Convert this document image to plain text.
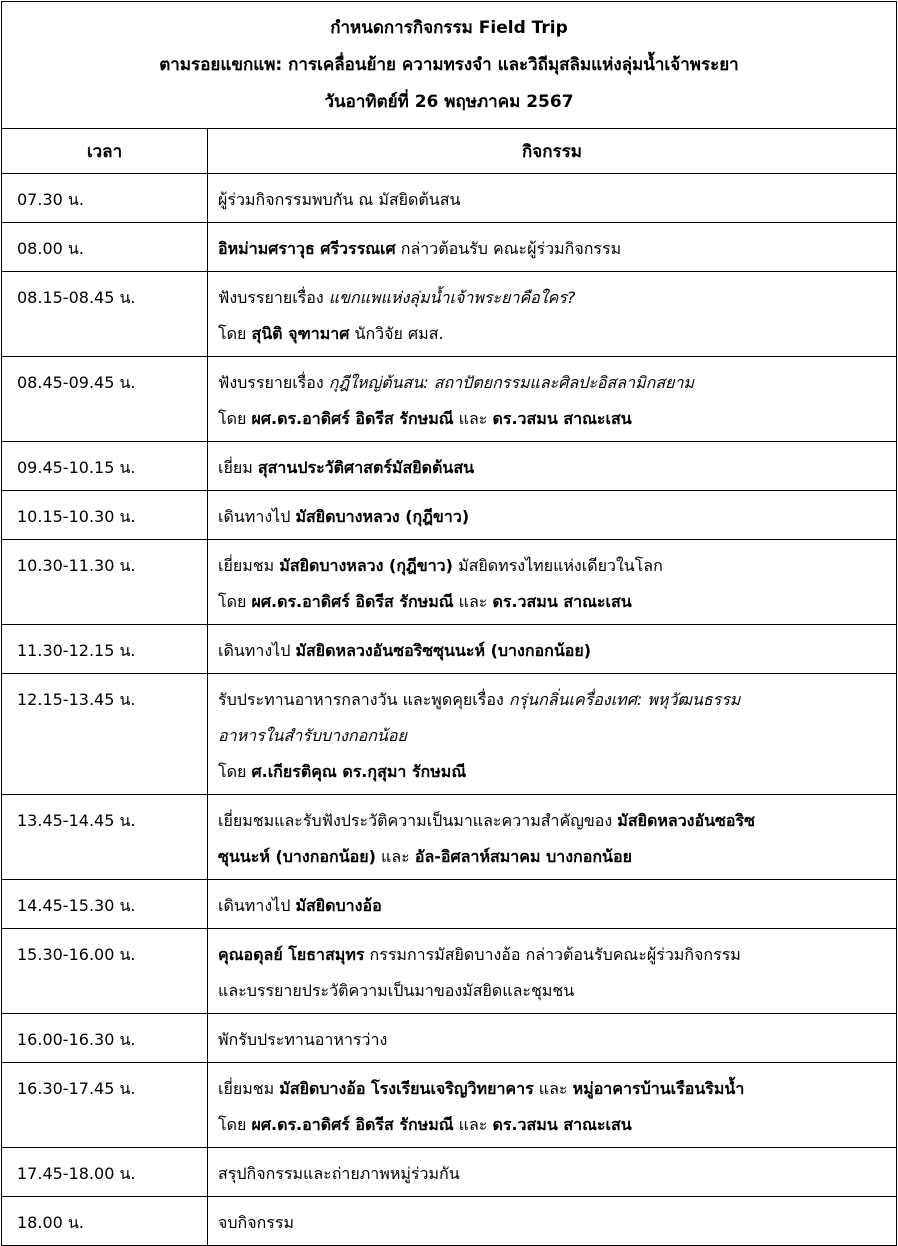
กำหนดการกิจกรรม Field Trip
ตามรอยแขกแพ: การเคลื่อนย้าย ความทรงจำ และวิถีมุสลิมแห่งลุ่มน้ำเจ้าพระยา
วันอาทิตย์ที่ 26 พฤษภาคม 2567	

เวลา	กิจกรรม

07.30 น.	ผู้ร่วมกิจกรรมพบกัน ณ มัสยิดต้นสน

08.00 น.	อิหม่ามศราวุธ ศรีวรรณเศ กล่าวต้อนรับ คณะผู้ร่วมกิจกรรม

08.15-08.45 น.	ฟังบรรยายเรื่อง แขกแพแห่งลุ่มน้ำเจ้าพระยาคือใคร?
โดย สุนิติ จุฑามาศ นักวิจัย ศมส.

08.45-09.45 น.	ฟังบรรยายเรื่อง กุฎีใหญ่ต้นสน: สถาปัตยกรรมและศิลปะอิสลามิกสยาม
โดย ผศ.ดร.อาดิศร์ อิดรีส รักษมณี และ ดร.วสมน สาณะเสน

09.45-10.15 น.	เยี่ยม สุสานประวัติศาสตร์มัสยิดต้นสน

10.15-10.30 น.	เดินทางไป มัสยิดบางหลวง (กุฎีขาว)

10.30-11.30 น.	เยี่ยมชม มัสยิดบางหลวง (กุฎีขาว) มัสยิดทรงไทยแห่งเดียวในโลก
โดย ผศ.ดร.อาดิศร์ อิดรีส รักษมณี และ ดร.วสมน สาณะเสน

11.30-12.15 น.	เดินทางไป มัสยิดหลวงอันซอริซซุนนะห์ (บางกอกน้อย)

12.15-13.45 น.	รับประทานอาหารกลางวัน และพูดคุยเรื่อง กรุ่นกลิ่นเครื่องเทศ: พหุวัฒนธรรม
อาหารในสำรับบางกอกน้อย
โดย ศ.เกียรติคุณ ดร.กุสุมา รักษมณี

13.45-14.45 น.	เยี่ยมชมและรับฟังประวัติความเป็นมาและความสำคัญของ มัสยิดหลวงอันซอริซ
ซุนนะห์ (บางกอกน้อย) และ อัล-อิศลาห์สมาคม บางกอกน้อย

14.45-15.30 น.	เดินทางไป มัสยิดบางอ้อ

15.30-16.00 น.	คุณอดุลย์ โยธาสมุทร กรรมการมัสยิดบางอ้อ กล่าวต้อนรับคณะผู้ร่วมกิจกรรม
และบรรยายประวัติความเป็นมาของมัสยิดและชุมชน

16.00-16.30 น.	พักรับประทานอาหารว่าง

16.30-17.45 น.	เยี่ยมชม มัสยิดบางอ้อ โรงเรียนเจริญวิทยาคาร และ หมู่อาคารบ้านเรือนริมน้ำ
โดย ผศ.ดร.อาดิศร์ อิดรีส รักษมณี และ ดร.วสมน สาณะเสน

17.45-18.00 น.	สรุปกิจกรรมและถ่ายภาพหมู่ร่วมกัน

18.00 น.	จบกิจกรรม
